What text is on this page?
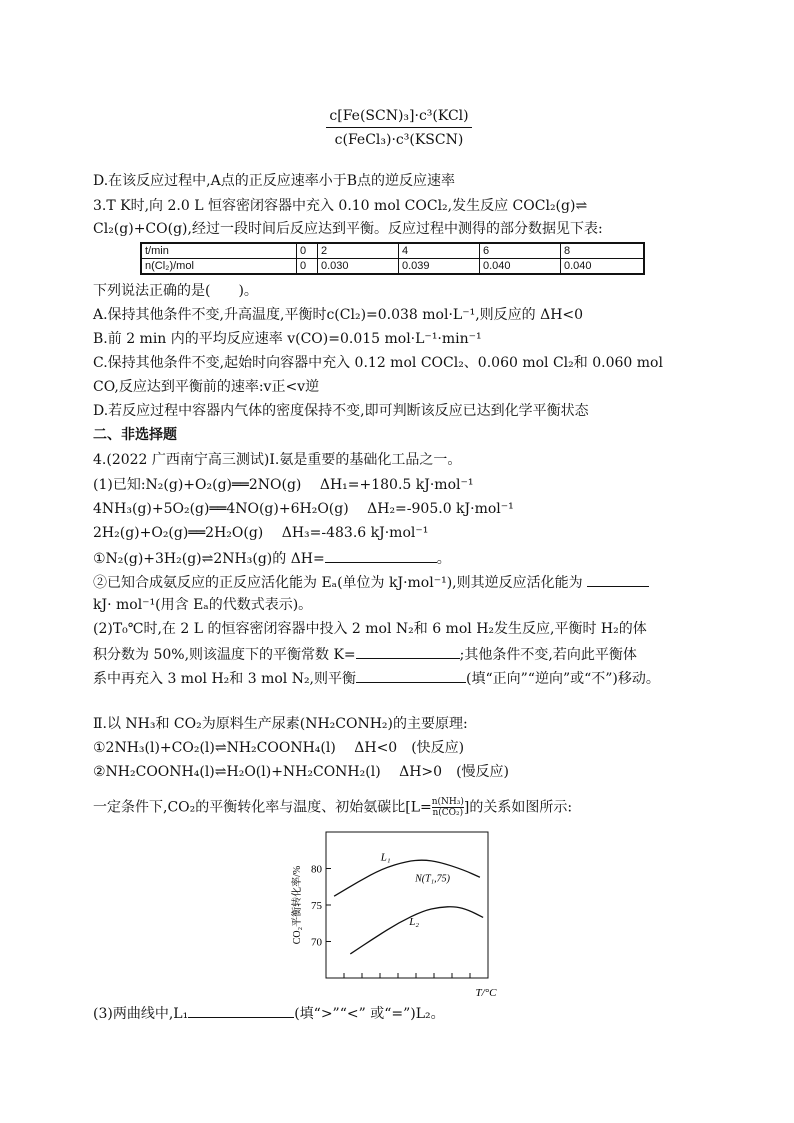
c[Fe(SCN)₃]·c³(KCl)
c(FeCl₃)·c³(KSCN)
D.在该反应过程中,A点的正反应速率小于B点的逆反应速率
3.T K时,向 2.0 L 恒容密闭容器中充入 0.10 mol COCl₂,发生反应 COCl₂(g)⇌
Cl₂(g)+CO(g),经过一段时间后反应达到平衡。反应过程中测得的部分数据见下表:
t/min	0	2	4	6	8
n(Cl₂)/mol	0	0.030	0.039	0.040	0.040
下列说法正确的是(　　)。
A.保持其他条件不变,升高温度,平衡时c(Cl₂)=0.038 mol·L⁻¹,则反应的 ΔH<0
B.前 2 min 内的平均反应速率 v(CO)=0.015 mol·L⁻¹·min⁻¹
C.保持其他条件不变,起始时向容器中充入 0.12 mol COCl₂、0.060 mol Cl₂和 0.060 mol
CO,反应达到平衡前的速率:v正<v逆
D.若反应过程中容器内气体的密度保持不变,即可判断该反应已达到化学平衡状态
二、非选择题
4.(2022 广西南宁高三测试)Ⅰ.氨是重要的基础化工品之一。
(1)已知:N₂(g)+O₂(g)══2NO(g)　 ΔH₁=+180.5 kJ·mol⁻¹
4NH₃(g)+5O₂(g)══4NO(g)+6H₂O(g)　 ΔH₂=-905.0 kJ·mol⁻¹
2H₂(g)+O₂(g)══2H₂O(g)　 ΔH₃=-483.6 kJ·mol⁻¹
①N₂(g)+3H₂(g)⇌2NH₃(g)的 ΔH=	。
②已知合成氨反应的正反应活化能为 Eₐ(单位为 kJ·mol⁻¹),则其逆反应活化能为
kJ· mol⁻¹(用含 Eₐ的代数式表示)。
(2)T₀℃时,在 2 L 的恒容密闭容器中投入 2 mol N₂和 6 mol H₂发生反应,平衡时 H₂的体
积分数为 50%,则该温度下的平衡常数 K=	;其他条件不变,若向此平衡体
系中再充入 3 mol H₂和 3 mol N₂,则平衡	(填“正向”“逆向”或“不”)移动。
Ⅱ.以 NH₃和 CO₂为原料生产尿素(NH₂CONH₂)的主要原理:
①2NH₃(l)+CO₂(l)⇌NH₂COONH₄(l)　 ΔH<0　(快反应)
②NH₂COONH₄(l)⇌H₂O(l)+NH₂CONH₂(l)　 ΔH>0　(慢反应)
一定条件下,CO₂的平衡转化率与温度、初始氨碳比[$L= \frac{\text{n(NH₃)}}{\text{n(CO₂)}}$ ]的关系如图所示:
80
75
70
CO₂平衡转化率/%
T/°C
L₁
L₂
N(T₁,75)
(3)两曲线中,L₁	(填“>”“<” 或“=”)L₂。
